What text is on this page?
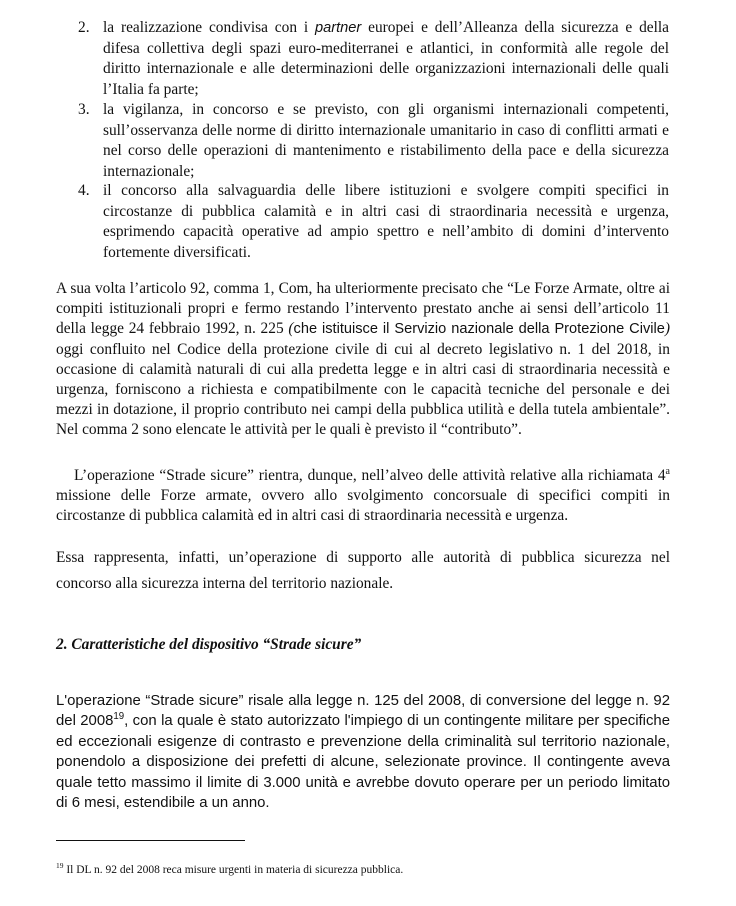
2. la realizzazione condivisa con i partner europei e dell’Alleanza della sicurezza e della difesa collettiva degli spazi euro-mediterranei e atlantici, in conformità alle regole del diritto internazionale e alle determinazioni delle organizzazioni internazionali delle quali l’Italia fa parte;
3. la vigilanza, in concorso e se previsto, con gli organismi internazionali competenti, sull’osservanza delle norme di diritto internazionale umanitario in caso di conflitti armati e nel corso delle operazioni di mantenimento e ristabilimento della pace e della sicurezza internazionale;
4. il concorso alla salvaguardia delle libere istituzioni e svolgere compiti specifici in circostanze di pubblica calamità e in altri casi di straordinaria necessità e urgenza, esprimendo capacità operative ad ampio spettro e nell’ambito di domini d’intervento fortemente diversificati.
A sua volta l’articolo 92, comma 1, Com, ha ulteriormente precisato che “Le Forze Armate, oltre ai compiti istituzionali propri e fermo restando l’intervento prestato anche ai sensi dell’articolo 11 della legge 24 febbraio 1992, n. 225 (che istituisce il Servizio nazionale della Protezione Civile) oggi confluito nel Codice della protezione civile di cui al decreto legislativo n. 1 del 2018, in occasione di calamità naturali di cui alla predetta legge e in altri casi di straordinaria necessità e urgenza, forniscono a richiesta e compatibilmente con le capacità tecniche del personale e dei mezzi in dotazione, il proprio contributo nei campi della pubblica utilità e della tutela ambientale”. Nel comma 2 sono elencate le attività per le quali è previsto il “contributo”.
L’operazione “Strade sicure” rientra, dunque, nell’alveo delle attività relative alla richiamata 4$^a$ missione delle Forze armate, ovvero allo svolgimento concorsuale di specifici compiti in circostanze di pubblica calamità ed in altri casi di straordinaria necessità e urgenza.
Essa rappresenta, infatti, un’operazione di supporto alle autorità di pubblica sicurezza nel
concorso alla sicurezza interna del territorio nazionale.
2. Caratteristiche del dispositivo “Strade sicure”
L'operazione “Strade sicure” risale alla legge n. 125 del 2008, di conversione del legge n. 92 del 2008$^{19}$, con la quale è stato autorizzato l'impiego di un contingente militare per specifiche ed eccezionali esigenze di contrasto e prevenzione della criminalità sul territorio nazionale, ponendolo a disposizione dei prefetti di alcune, selezionate province. Il contingente aveva quale tetto massimo il limite di 3.000 unità e avrebbe dovuto operare per un periodo limitato di 6 mesi, estendibile a un anno.
$^{19}$ Il DL n. 92 del 2008 reca misure urgenti in materia di sicurezza pubblica.
